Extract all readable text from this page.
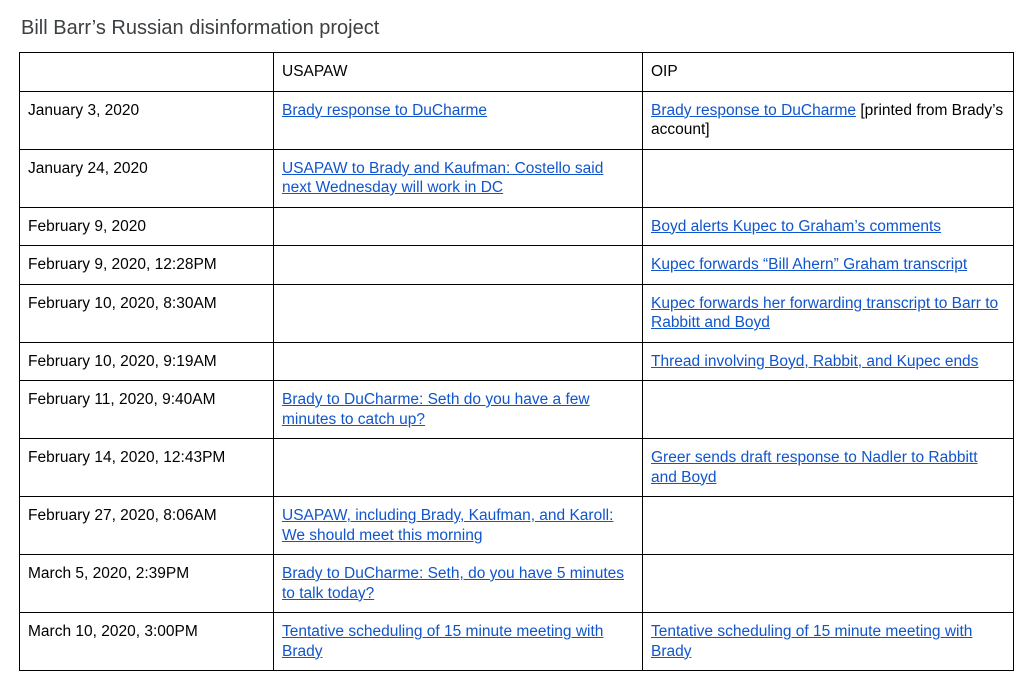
Bill Barr’s Russian disinformation project
	USAPAW	OIP
January 3, 2020	Brady response to DuCharme	Brady response to DuCharme [printed from Brady’s account]
January 24, 2020	USAPAW to Brady and Kaufman: Costello said next Wednesday will work in DC	
February 9, 2020		Boyd alerts Kupec to Graham’s comments
February 9, 2020, 12:28PM		Kupec forwards “Bill Ahern” Graham transcript
February 10, 2020, 8:30AM		Kupec forwards her forwarding transcript to Barr to Rabbitt and Boyd
February 10, 2020, 9:19AM		Thread involving Boyd, Rabbit, and Kupec ends
February 11, 2020, 9:40AM	Brady to DuCharme: Seth do you have a few minutes to catch up?	
February 14, 2020, 12:43PM		Greer sends draft response to Nadler to Rabbitt and Boyd
February 27, 2020, 8:06AM	USAPAW, including Brady, Kaufman, and Karoll: We should meet this morning	
March 5, 2020, 2:39PM	Brady to DuCharme: Seth, do you have 5 minutes to talk today?	
March 10, 2020, 3:00PM	Tentative scheduling of 15 minute meeting with Brady	Tentative scheduling of 15 minute meeting with Brady
